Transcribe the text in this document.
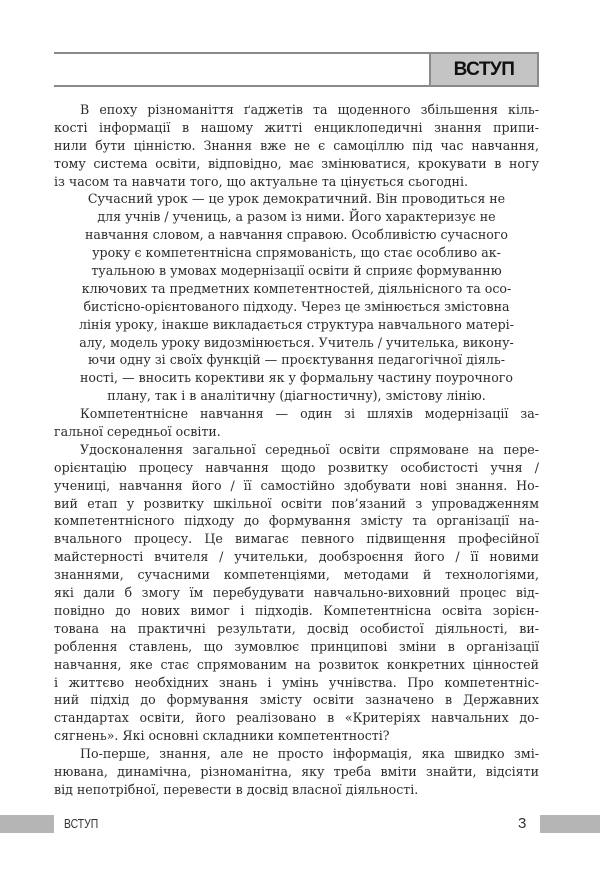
ВСТУП
В епоху різноманіття ґаджетів та щоденного збільшення кіль-
кості інформації в нашому житті енциклопедичні знання припи-
нили бути цінністю. Знання вже не є самоціллю під час навчання,
тому система освіти, відповідно, має змінюватися, крокувати в ногу
із часом та навчати того, що актуальне та цінується сьогодні.
Сучасний урок — це урок демократичний. Він проводиться не
для учнів / учениць, а разом із ними. Його характеризує не
навчання словом, а навчання справою. Особливістю сучасного
уроку є компетентнісна спрямованість, що стає особливо ак-
туальною в умовах модернізації освіти й сприяє формуванню
ключових та предметних компетентностей, діяльнісного та осо-
бистісно-орієнтованого підходу. Через це змінюється змістовна
лінія уроку, інакше викладається структура навчального матері-
алу, модель уроку видозмінюється. Учитель / учителька, викону-
ючи одну зі своїх функцій — проєктування педагогічної діяль-
ності, — вносить корективи як у формальну частину поурочного
плану, так і в аналітичну (діагностичну), змістову лінію.
Компетентнісне навчання — один зі шляхів модернізації за-
гальної середньої освіти.
Удосконалення загальної середньої освіти спрямоване на пере-
орієнтацію процесу навчання щодо розвитку особистості учня /
учениці, навчання його / її самостійно здобувати нові знання. Но-
вий етап у розвитку шкільної освіти пов’язаний з упровадженням
компетентнісного підходу до формування змісту та організації на-
вчального процесу. Це вимагає певного підвищення професійної
майстерності вчителя / учительки, дообзроєння його / її новими
знаннями, сучасними компетенціями, методами й технологіями,
які дали б змогу їм перебудувати навчально-виховний процес від-
повідно до нових вимог і підходів. Компетентнісна освіта зорієн-
тована на практичні результати, досвід особистої діяльності, ви-
роблення ставлень, що зумовлює принципові зміни в організації
навчання, яке стає спрямованим на розвиток конкретних цінностей
і життєво необхідних знань і умінь учнівства. Про компетентніс-
ний підхід до формування змісту освіти зазначено в Державних
стандартах освіти, його реалізовано в «Критеріях навчальних до-
сягнень». Які основні складники компетентності?
По-перше, знання, але не просто інформація, яка швидко змі-
нювана, динамічна, різноманітна, яку треба вміти знайти, відсіяти
від непотрібної, перевести в досвід власної діяльності.
ВСТУП	3
